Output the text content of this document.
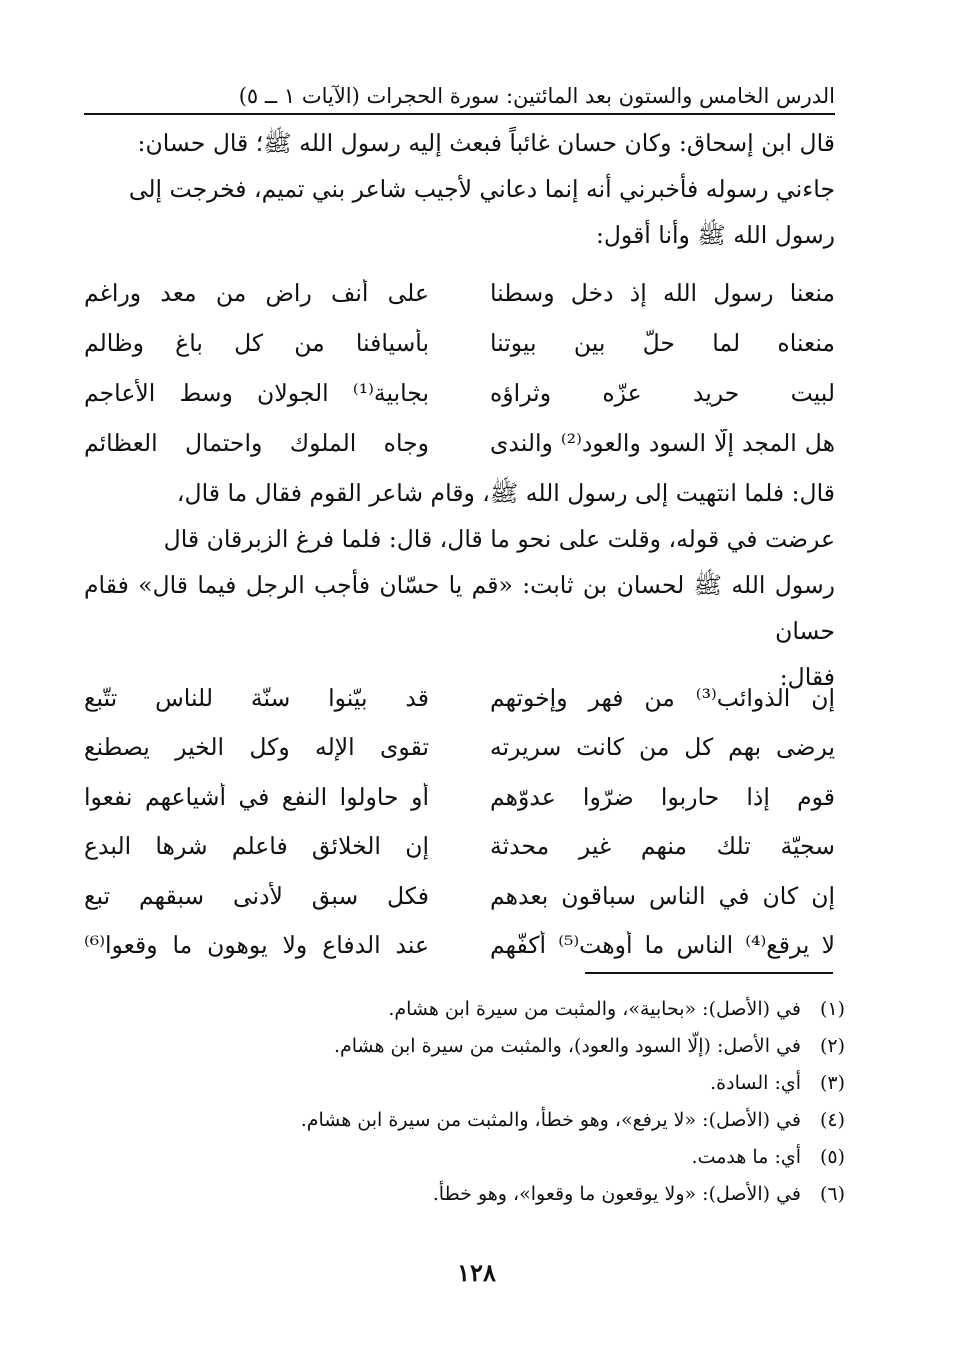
الدرس الخامس والستون بعد المائتين: سورة الحجرات (الآيات ١ ــ ٥)

قال ابن إسحاق: وكان حسان غائباً فبعث إليه رسول الله ﷺ؛ قال حسان:

جاءني رسوله فأخبرني أنه إنما دعاني لأجيب شاعر بني تميم، فخرجت إلى

رسول الله ﷺ وأنا أقول:

منعنا رسول الله إذ دخل وسطنا
على أنف راض من معد وراغم
منعناه لما حلّ بين بيوتنا
بأسيافنا من كل باغ وظالم
لبيت حريد عزّه وثراؤه
بجابية⁽¹⁾ الجولان وسط الأعاجم
هل المجد إلّا السود والعود⁽²⁾ والندى
وجاه الملوك واحتمال العظائم

قال: فلما انتهيت إلى رسول الله ﷺ، وقام شاعر القوم فقال ما قال،

عرضت في قوله، وقلت على نحو ما قال، قال: فلما فرغ الزبرقان قال

رسول الله ﷺ لحسان بن ثابت: «قم يا حسّان فأجب الرجل فيما قال» فقام حسان

فقال:

إن الذوائب⁽³⁾ من فهر وإخوتهم
قد بيّنوا سنّة للناس تتّبع
يرضى بهم كل من كانت سريرته
تقوى الإله وكل الخير يصطنع
قوم إذا حاربوا ضرّوا عدوّهم
أو حاولوا النفع في أشياعهم نفعوا
سجيّة تلك منهم غير محدثة
إن الخلائق فاعلم شرها البدع
إن كان في الناس سباقون بعدهم
فكل سبق لأدنى سبقهم تبع
لا يرقع⁽⁴⁾ الناس ما أوهت⁽⁵⁾ أكفّهم
عند الدفاع ولا يوهون ما وقعوا⁽⁶⁾
(١)
في (الأصل): «بحابية»، والمثبت من سيرة ابن هشام.
(٢)
في الأصل: (إلّا السود والعود)، والمثبت من سيرة ابن هشام.
(٣)
أي: السادة.
(٤)
في (الأصل): «لا يرفع»، وهو خطأ، والمثبت من سيرة ابن هشام.
(٥)
أي: ما هدمت.
(٦)
في (الأصل): «ولا يوقعون ما وقعوا»، وهو خطأ.
١٢٨
